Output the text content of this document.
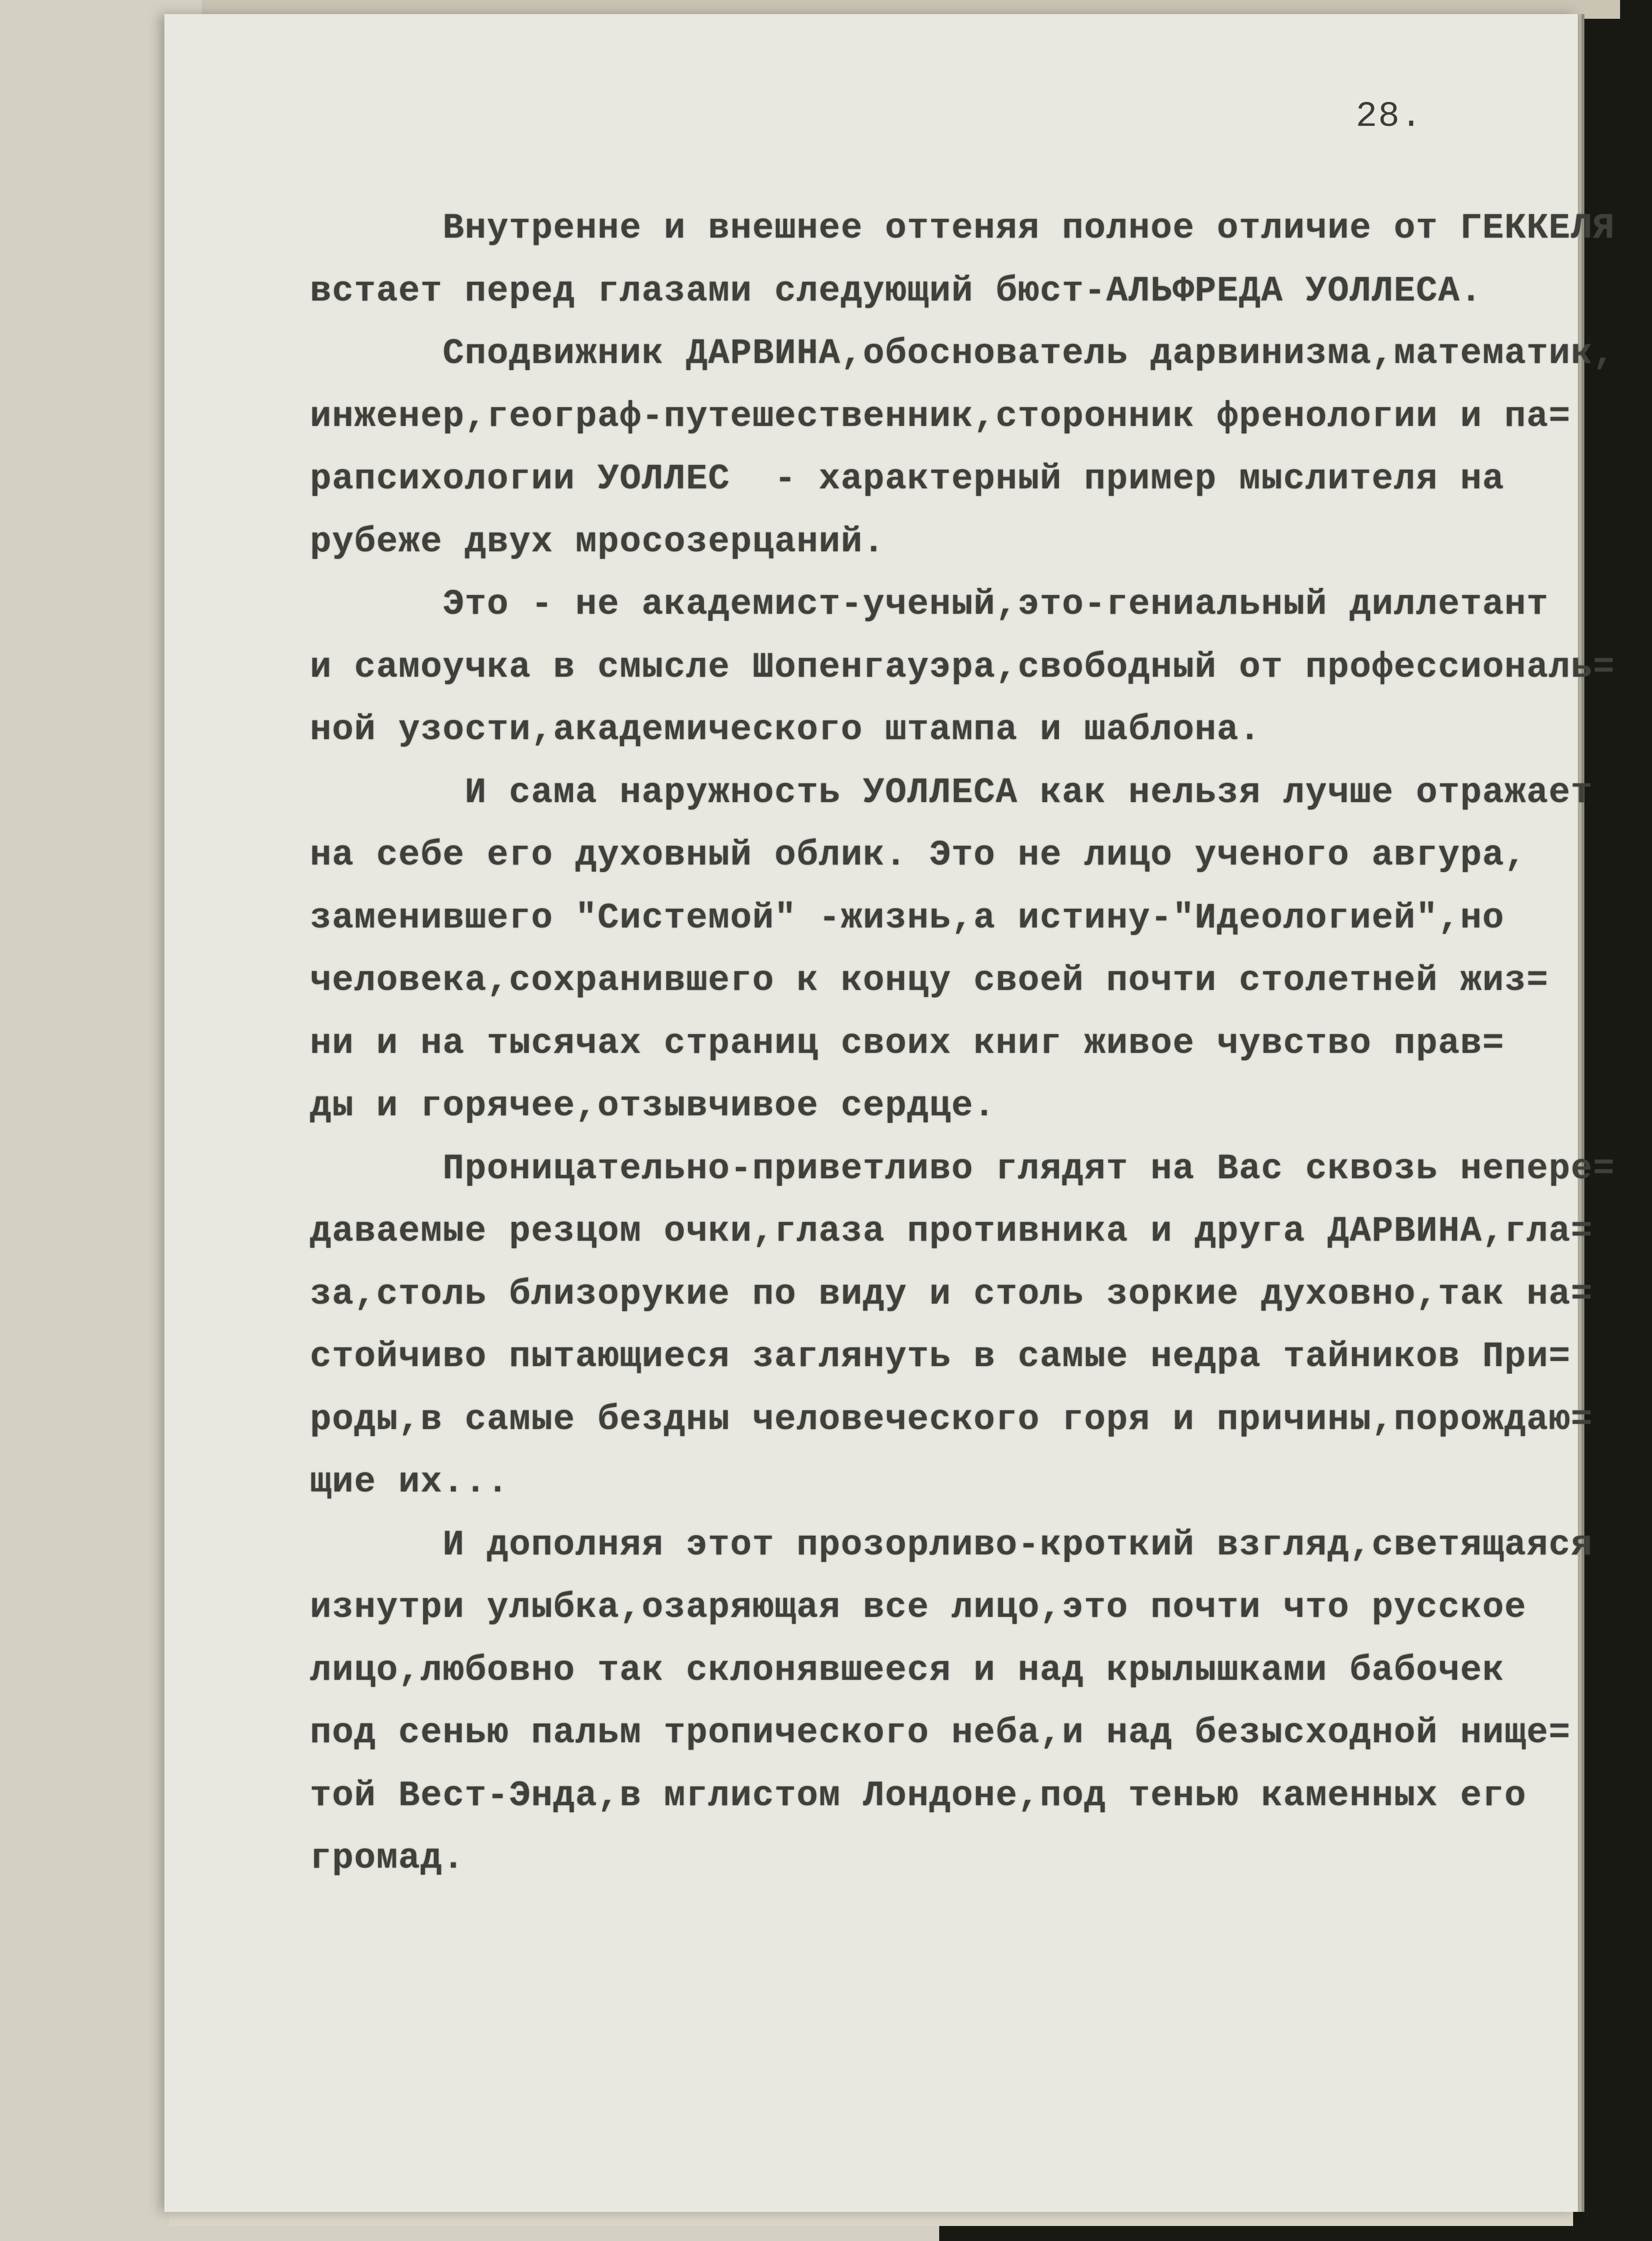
28.
Внутренне и внешнее оттеняя полное отличие от ГЕККЕЛЯ
встает перед глазами следующий бюст-АЛЬФРЕДА УОЛЛЕСА.
Сподвижник ДАРВИНА,обоснователь дарвинизма,математик,
инженер,географ-путешественник,сторонник френологии и па=
рапсихологии УОЛЛЕС  - характерный пример мыслителя на
рубеже двух мросозерцаний.
Это - не академист-ученый,это-гениальный диллетант
и самоучка в смысле Шопенгауэра,свободный от профессиональ=
ной узости,академического штампа и шаблона.
И сама наружность УОЛЛЕСА как нельзя лучше отражает
на себе его духовный облик. Это не лицо ученого авгура,
заменившего "Системой" -жизнь,а истину-"Идеологией",но
человека,сохранившего к концу своей почти столетней жиз=
ни и на тысячах страниц своих книг живое чувство прав=
ды и горячее,отзывчивое сердце.
Проницательно-приветливо глядят на Вас сквозь непере=
даваемые резцом очки,глаза противника и друга ДАРВИНА,гла=
за,столь близорукие по виду и столь зоркие духовно,так на=
стойчиво пытающиеся заглянуть в самые недра тайников При=
роды,в самые бездны человеческого горя и причины,порождаю=
щие их...
И дополняя этот прозорливо-кроткий взгляд,светящаяся
изнутри улыбка,озаряющая все лицо,это почти что русское
лицо,любовно так склонявшееся и над крылышками бабочек
под сенью пальм тропического неба,и над безысходной нище=
той Вест-Энда,в мглистом Лондоне,под тенью каменных его
громад.
